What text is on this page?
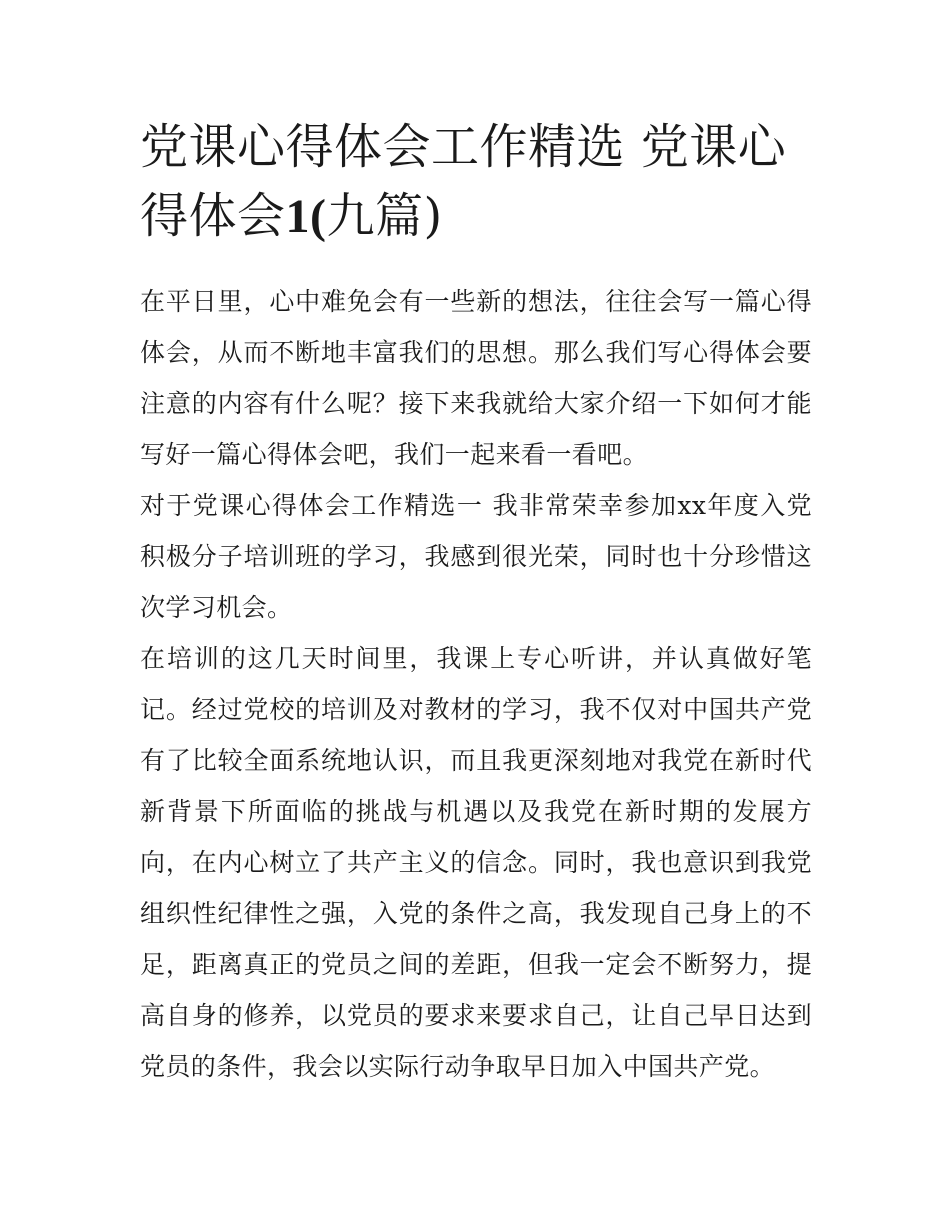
党课心得体会工作精选 党课心得体会1(九篇)

在平日里，心中难免会有一些新的想法，往往会写一篇心得体会，从而不断地丰富我们的思想。那么我们写心得体会要注意的内容有什么呢？接下来我就给大家介绍一下如何才能写好一篇心得体会吧，我们一起来看一看吧。

对于党课心得体会工作精选一 我非常荣幸参加xx年度入党积极分子培训班的学习，我感到很光荣，同时也十分珍惜这次学习机会。

在培训的这几天时间里，我课上专心听讲，并认真做好笔记。经过党校的培训及对教材的学习，我不仅对中国共产党有了比较全面系统地认识，而且我更深刻地对我党在新时代新背景下所面临的挑战与机遇以及我党在新时期的发展方向，在内心树立了共产主义的信念。同时，我也意识到我党组织性纪律性之强，入党的条件之高，我发现自己身上的不足，距离真正的党员之间的差距，但我一定会不断努力，提高自身的修养，以党员的要求来要求自己，让自己早日达到党员的条件，我会以实际行动争取早日加入中国共产党。
